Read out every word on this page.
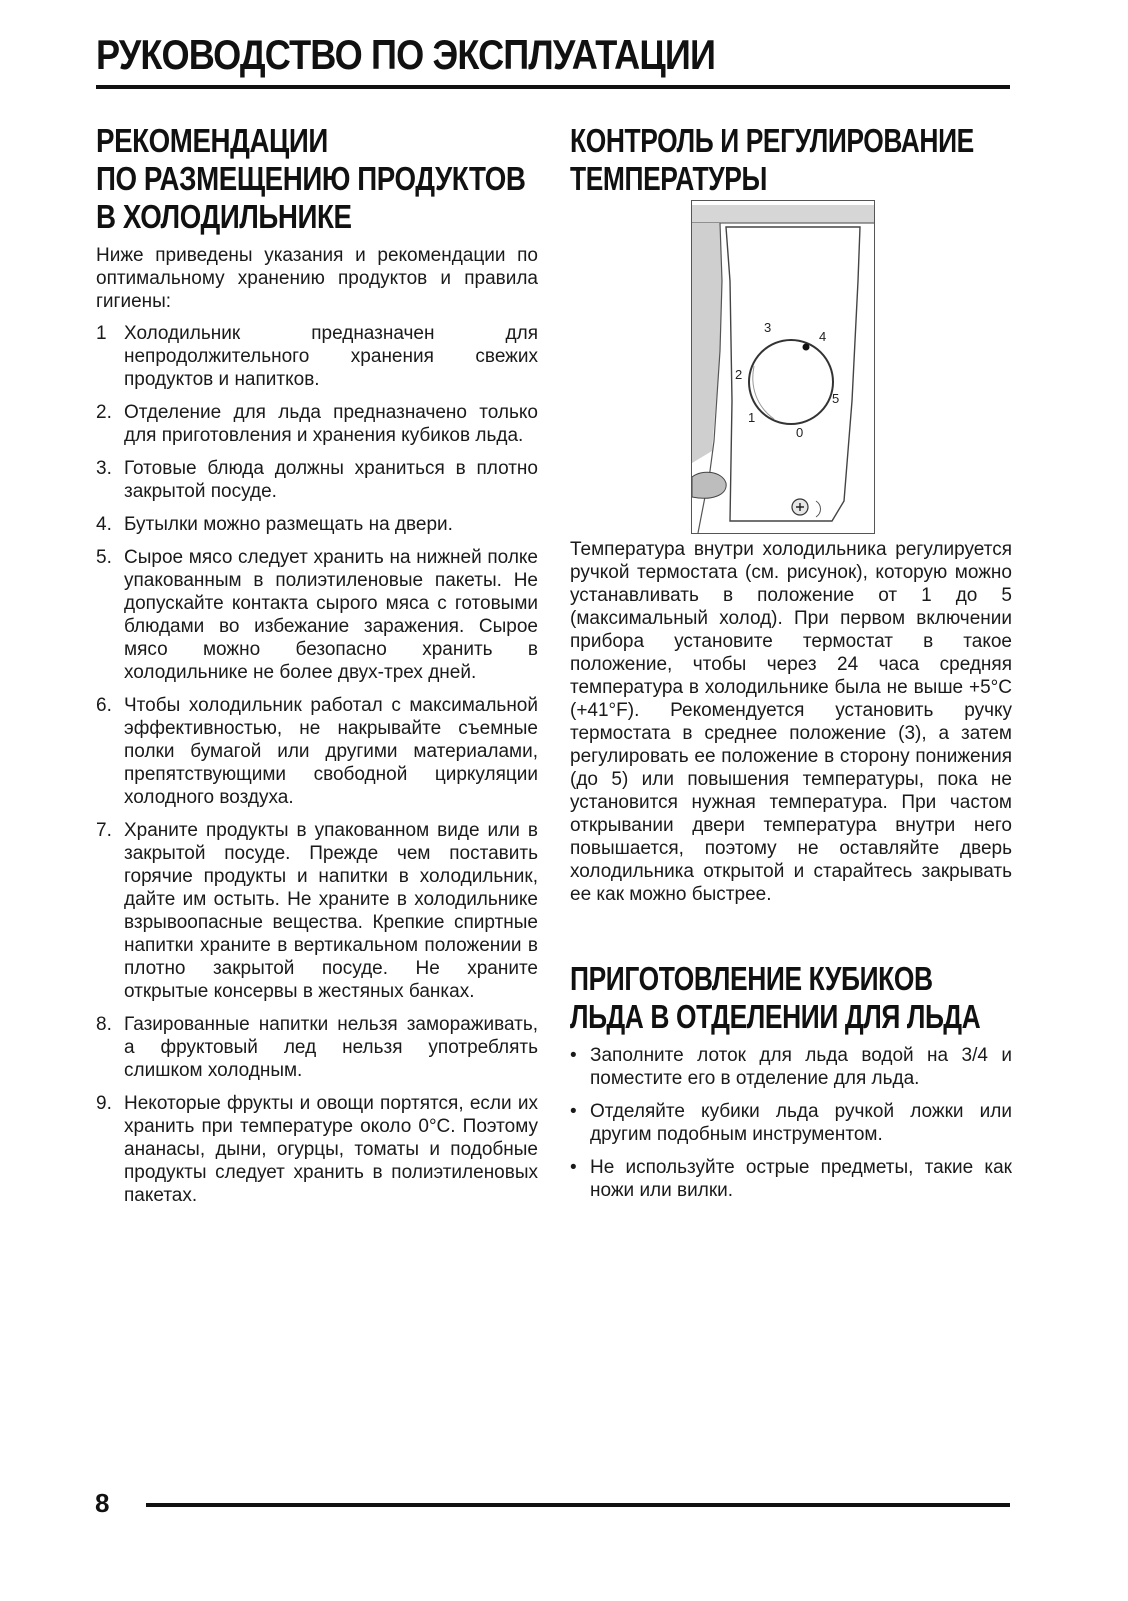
РУКОВОДСТВО ПО ЭКСПЛУАТАЦИИ
РЕКОМЕНДАЦИИ
ПО РАЗМЕЩЕНИЮ ПРОДУКТОВ
В ХОЛОДИЛЬНИКЕ

Ниже приведены указания и рекомендации по оптимальному хранению продуктов и правила гигиены:

1 Холодильник предназначен для непродолжительного хранения свежих продуктов и напитков.
2. Отделение для льда предназначено только для приготовления и хранения кубиков льда.
3. Готовые блюда должны храниться в плотно закрытой посуде.
4. Бутылки можно размещать на двери.
5. Сырое мясо следует хранить на нижней полке упакованным в полиэтиленовые пакеты. Не допускайте контакта сырого мяса с готовыми блюдами во избежание заражения. Сырое мясо можно безопасно хранить в холодильнике не более двух-трех дней.
6. Чтобы холодильник работал с максимальной эффективностью, не накрывайте съемные полки бумагой или другими материалами, препятствующими свободной циркуляции холодного воздуха.
7. Храните продукты в упакованном виде или в закрытой посуде. Прежде чем поставить горячие продукты и напитки в холодильник, дайте им остыть. Не храните в холодильнике взрывоопасные вещества. Крепкие спиртные напитки храните в вертикальном положении в плотно закрытой посуде. Не храните открытые консервы в жестяных банках.
8. Газированные напитки нельзя замораживать, а фруктовый лед нельзя употреблять слишком холодным.
9. Некоторые фрукты и овощи портятся, если их хранить при температуре около 0°С. Поэтому ананасы, дыни, огурцы, томаты и подобные продукты следует хранить в полиэтиленовых пакетах.
КОНТРОЛЬ И РЕГУЛИРОВАНИЕ
ТЕМПЕРАТУРЫ
0
1
2
3
4
5

Температура внутри холодильника регулируется ручкой термостата (см. рисунок), которую можно устанавливать в положение от 1 до 5 (максимальный холод). При первом включении прибора установите термостат в такое положение, чтобы через 24 часа средняя температура в холодильнике была не выше +5°С (+41°F). Рекомендуется установить ручку термостата в среднее положение (3), а затем регулировать ее положение в сторону понижения (до 5) или повышения температуры, пока не установится нужная температура. При частом открывании двери температура внутри него повышается, поэтому не оставляйте дверь холодильника открытой и старайтесь закрывать ее как можно быстрее.

ПРИГОТОВЛЕНИЕ КУБИКОВ
ЛЬДА В ОТДЕЛЕНИИ ДЛЯ ЛЬДА
• Заполните лоток для льда водой на 3/4 и поместите его в отделение для льда.
• Отделяйте кубики льда ручкой ложки или другим подобным инструментом.
• Не используйте острые предметы, такие как ножи или вилки.
8
